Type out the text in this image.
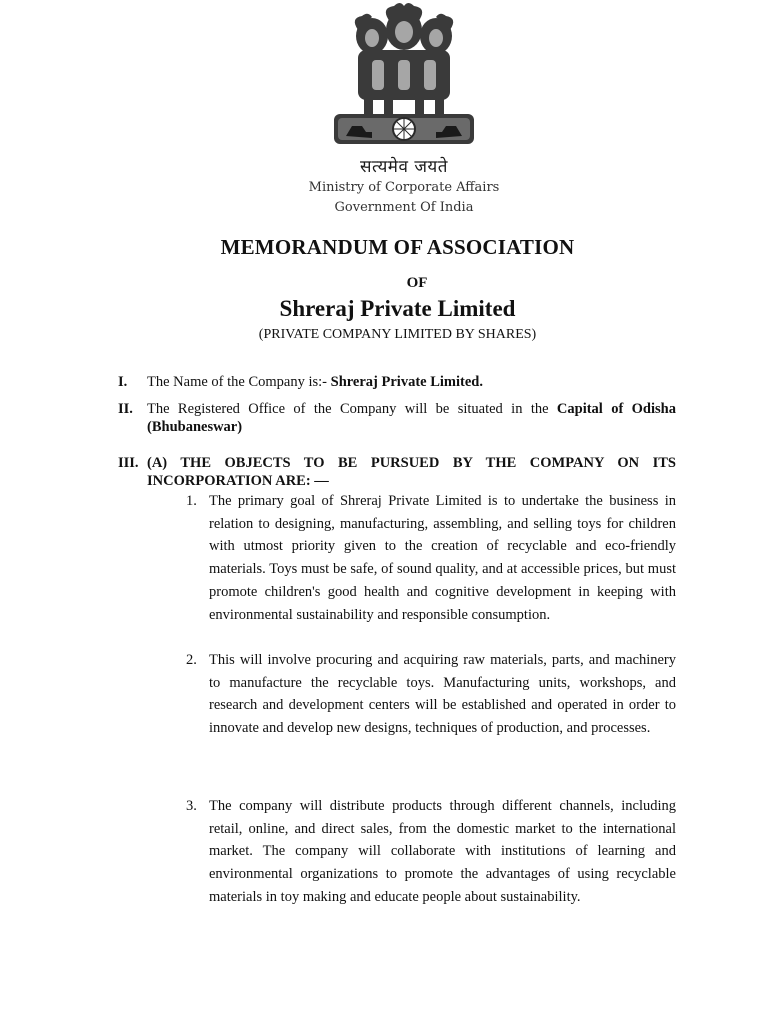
सत्यमेव जयते
Ministry of Corporate Affairs
Government Of India
MEMORANDUM OF ASSOCIATION
OF
Shreraj Private Limited
(PRIVATE COMPANY LIMITED BY SHARES)
I. The Name of the Company is:- Shreraj Private Limited.
II. The Registered Office of the Company will be situated in the Capital of Odisha (Bhubaneswar)
III. (A) THE OBJECTS TO BE PURSUED BY THE COMPANY ON ITS INCORPORATION ARE: —
1. The primary goal of Shreraj Private Limited is to undertake the business in relation to designing, manufacturing, assembling, and selling toys for children with utmost priority given to the creation of recyclable and eco-friendly materials. Toys must be safe, of sound quality, and at accessible prices, but must promote children's good health and cognitive development in keeping with environmental sustainability and responsible consumption.
2. This will involve procuring and acquiring raw materials, parts, and machinery to manufacture the recyclable toys. Manufacturing units, workshops, and research and development centers will be established and operated in order to innovate and develop new designs, techniques of production, and processes.
3. The company will distribute products through different channels, including retail, online, and direct sales, from the domestic market to the international market. The company will collaborate with institutions of learning and environmental organizations to promote the advantages of using recyclable materials in toy making and educate people about sustainability.
